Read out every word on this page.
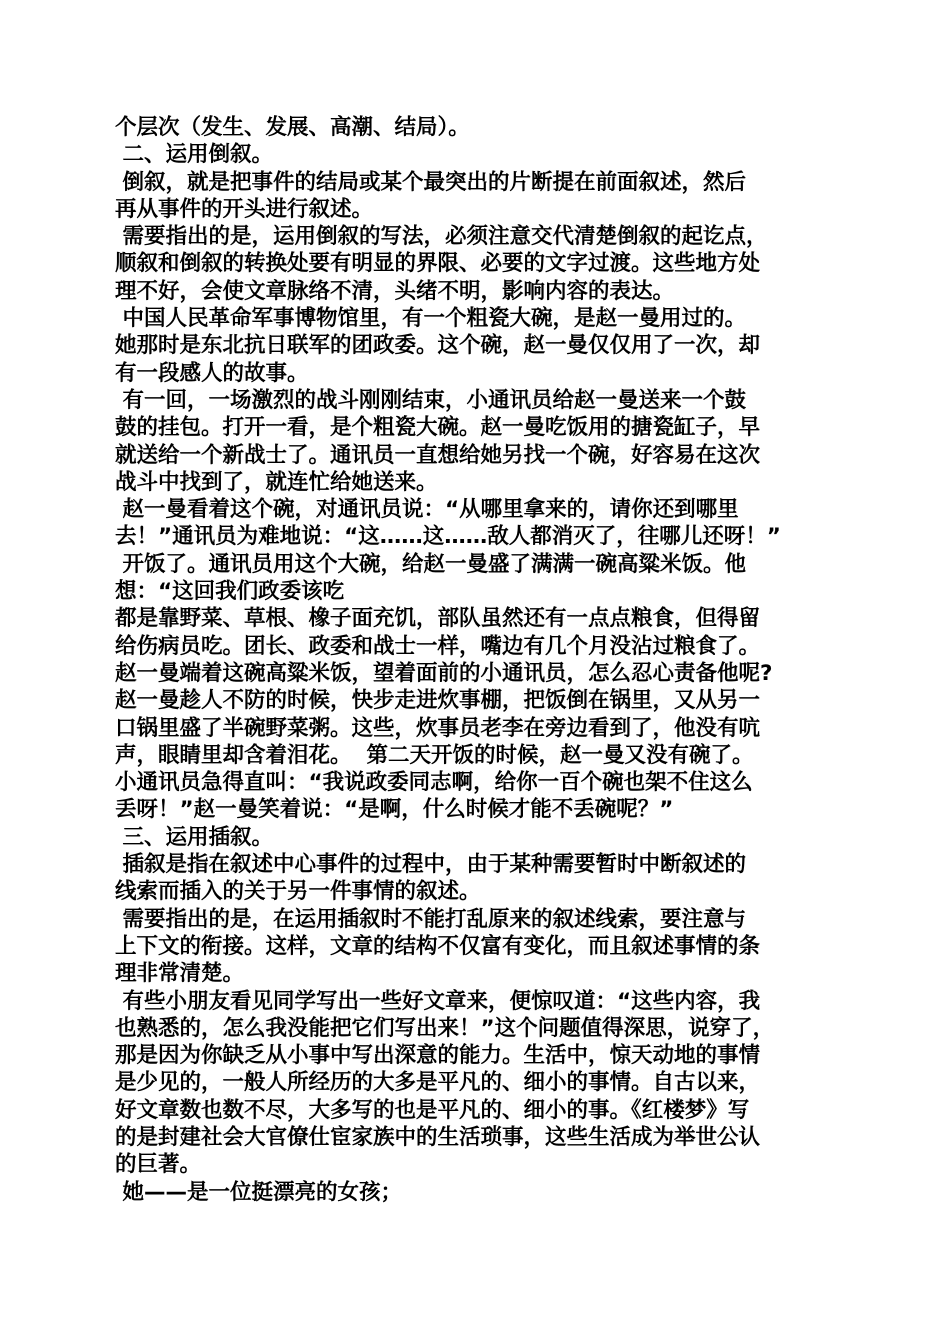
个层次（发生、发展、高潮、结局）。
二、运用倒叙。
倒叙，就是把事件的结局或某个最突出的片断提在前面叙述，然后
再从事件的开头进行叙述。
需要指出的是，运用倒叙的写法，必须注意交代清楚倒叙的起讫点，
顺叙和倒叙的转换处要有明显的界限、必要的文字过渡。这些地方处
理不好，会使文章脉络不清，头绪不明，影响内容的表达。
中国人民革命军事博物馆里，有一个粗瓷大碗，是赵一曼用过的。
她那时是东北抗日联军的团政委。这个碗，赵一曼仅仅用了一次，却
有一段感人的故事。
有一回，一场激烈的战斗刚刚结束，小通讯员给赵一曼送来一个鼓
鼓的挂包。打开一看，是个粗瓷大碗。赵一曼吃饭用的搪瓷缸子，早
就送给一个新战士了。通讯员一直想给她另找一个碗，好容易在这次
战斗中找到了，就连忙给她送来。
赵一曼看着这个碗，对通讯员说：“从哪里拿来的，请你还到哪里
去！”通讯员为难地说：“这……这……敌人都消灭了，往哪儿还呀！”
开饭了。通讯员用这个大碗，给赵一曼盛了满满一碗高粱米饭。他
想：“这回我们政委该吃
都是靠野菜、草根、橡子面充饥，部队虽然还有一点点粮食，但得留
给伤病员吃。团长、政委和战士一样，嘴边有几个月没沾过粮食了。
赵一曼端着这碗高粱米饭，望着面前的小通讯员，怎么忍心责备他呢?
赵一曼趁人不防的时候，快步走进炊事棚，把饭倒在锅里，又从另一
口锅里盛了半碗野菜粥。这些，炊事员老李在旁边看到了，他没有吭
声，眼睛里却含着泪花。  第二天开饭的时候，赵一曼又没有碗了。
小通讯员急得直叫：“我说政委同志啊，给你一百个碗也架不住这么
丢呀！”赵一曼笑着说：“是啊，什么时候才能不丢碗呢？”
三、运用插叙。
插叙是指在叙述中心事件的过程中，由于某种需要暂时中断叙述的
线索而插入的关于另一件事情的叙述。
需要指出的是，在运用插叙时不能打乱原来的叙述线索，要注意与
上下文的衔接。这样，文章的结构不仅富有变化，而且叙述事情的条
理非常清楚。
有些小朋友看见同学写出一些好文章来，便惊叹道：“这些内容，我
也熟悉的，怎么我没能把它们写出来！”这个问题值得深思，说穿了，
那是因为你缺乏从小事中写出深意的能力。生活中，惊天动地的事情
是少见的，一般人所经历的大多是平凡的、细小的事情。自古以来，
好文章数也数不尽，大多写的也是平凡的、细小的事。《红楼梦》写
的是封建社会大官僚仕宦家族中的生活琐事，这些生活成为举世公认
的巨著。
她——是一位挺漂亮的女孩；
